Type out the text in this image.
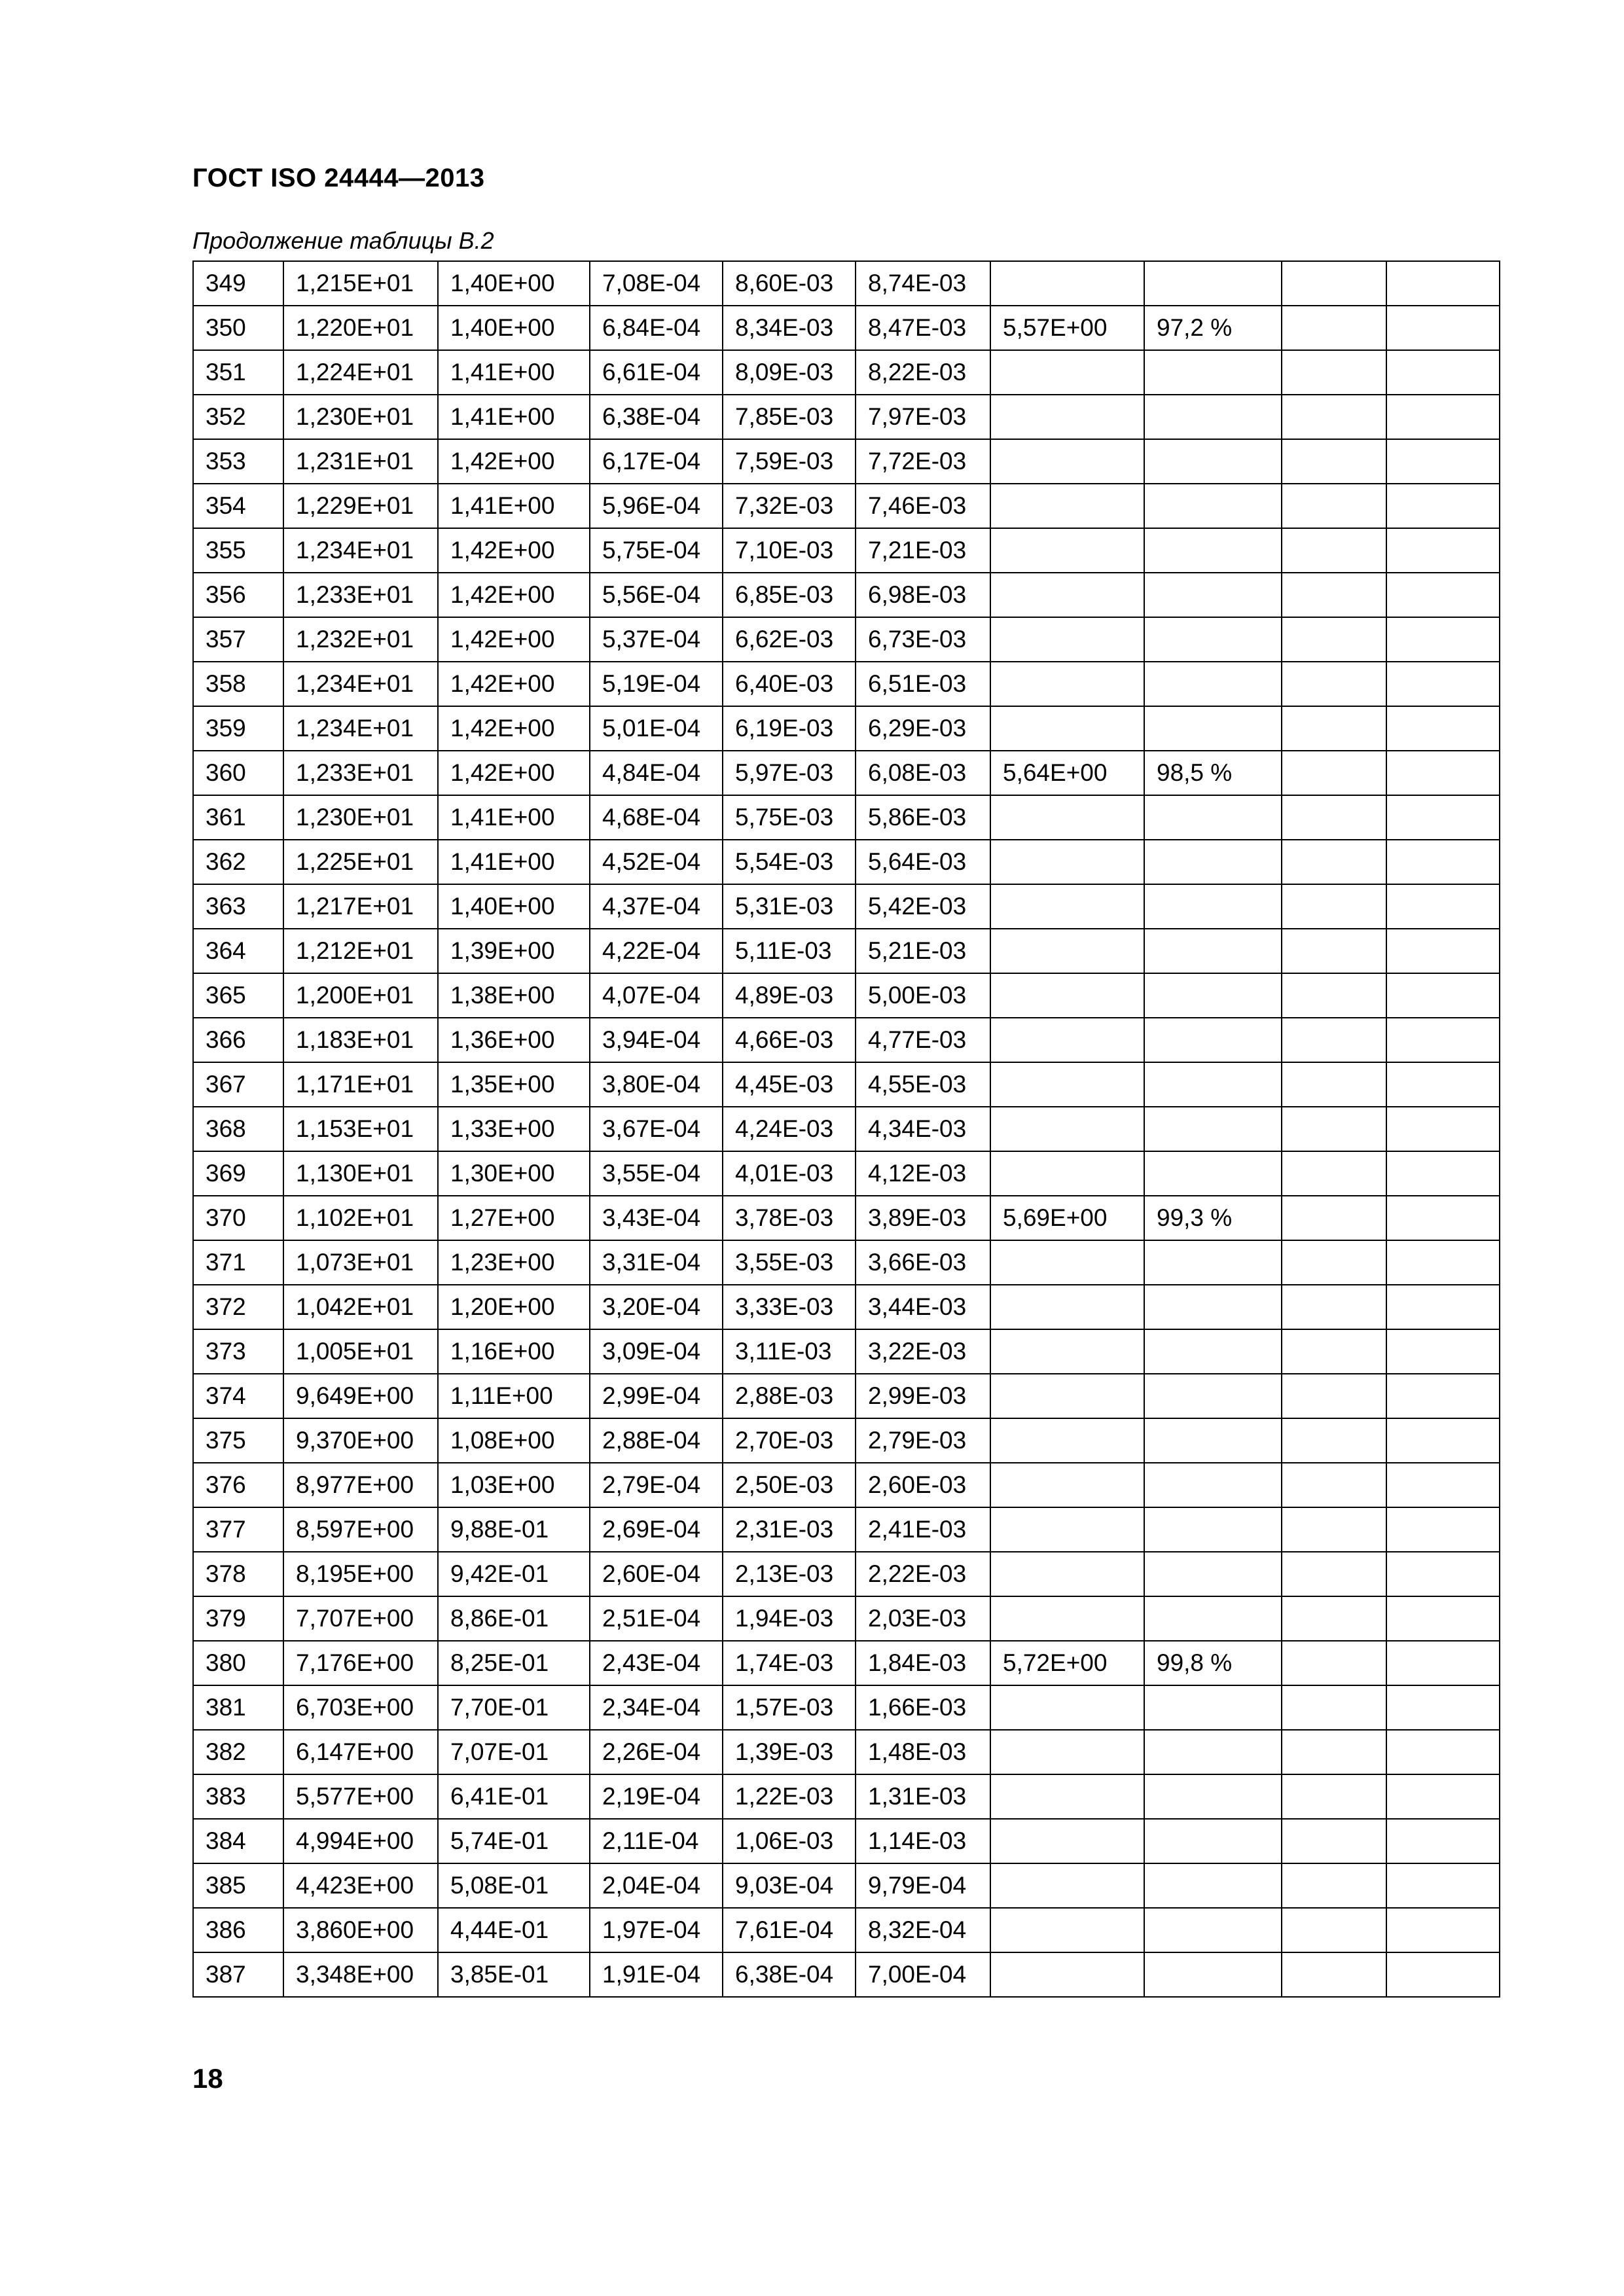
ГОСТ ISO 24444—2013
Продолжение таблицы В.2
349	1,215E+01	1,40E+00	7,08E-04	8,60E-03	8,74E-03				
350	1,220E+01	1,40E+00	6,84E-04	8,34E-03	8,47E-03	5,57E+00	97,2 %		
351	1,224E+01	1,41E+00	6,61E-04	8,09E-03	8,22E-03				
352	1,230E+01	1,41E+00	6,38E-04	7,85E-03	7,97E-03				
353	1,231E+01	1,42E+00	6,17E-04	7,59E-03	7,72E-03				
354	1,229E+01	1,41E+00	5,96E-04	7,32E-03	7,46E-03				
355	1,234E+01	1,42E+00	5,75E-04	7,10E-03	7,21E-03				
356	1,233E+01	1,42E+00	5,56E-04	6,85E-03	6,98E-03				
357	1,232E+01	1,42E+00	5,37E-04	6,62E-03	6,73E-03				
358	1,234E+01	1,42E+00	5,19E-04	6,40E-03	6,51E-03				
359	1,234E+01	1,42E+00	5,01E-04	6,19E-03	6,29E-03				
360	1,233E+01	1,42E+00	4,84E-04	5,97E-03	6,08E-03	5,64E+00	98,5 %		
361	1,230E+01	1,41E+00	4,68E-04	5,75E-03	5,86E-03				
362	1,225E+01	1,41E+00	4,52E-04	5,54E-03	5,64E-03				
363	1,217E+01	1,40E+00	4,37E-04	5,31E-03	5,42E-03				
364	1,212E+01	1,39E+00	4,22E-04	5,11E-03	5,21E-03				
365	1,200E+01	1,38E+00	4,07E-04	4,89E-03	5,00E-03				
366	1,183E+01	1,36E+00	3,94E-04	4,66E-03	4,77E-03				
367	1,171E+01	1,35E+00	3,80E-04	4,45E-03	4,55E-03				
368	1,153E+01	1,33E+00	3,67E-04	4,24E-03	4,34E-03				
369	1,130E+01	1,30E+00	3,55E-04	4,01E-03	4,12E-03				
370	1,102E+01	1,27E+00	3,43E-04	3,78E-03	3,89E-03	5,69E+00	99,3 %		
371	1,073E+01	1,23E+00	3,31E-04	3,55E-03	3,66E-03				
372	1,042E+01	1,20E+00	3,20E-04	3,33E-03	3,44E-03				
373	1,005E+01	1,16E+00	3,09E-04	3,11E-03	3,22E-03				
374	9,649E+00	1,11E+00	2,99E-04	2,88E-03	2,99E-03				
375	9,370E+00	1,08E+00	2,88E-04	2,70E-03	2,79E-03				
376	8,977E+00	1,03E+00	2,79E-04	2,50E-03	2,60E-03				
377	8,597E+00	9,88E-01	2,69E-04	2,31E-03	2,41E-03				
378	8,195E+00	9,42E-01	2,60E-04	2,13E-03	2,22E-03				
379	7,707E+00	8,86E-01	2,51E-04	1,94E-03	2,03E-03				
380	7,176E+00	8,25E-01	2,43E-04	1,74E-03	1,84E-03	5,72E+00	99,8 %		
381	6,703E+00	7,70E-01	2,34E-04	1,57E-03	1,66E-03				
382	6,147E+00	7,07E-01	2,26E-04	1,39E-03	1,48E-03				
383	5,577E+00	6,41E-01	2,19E-04	1,22E-03	1,31E-03				
384	4,994E+00	5,74E-01	2,11E-04	1,06E-03	1,14E-03				
385	4,423E+00	5,08E-01	2,04E-04	9,03E-04	9,79E-04				
386	3,860E+00	4,44E-01	1,97E-04	7,61E-04	8,32E-04				
387	3,348E+00	3,85E-01	1,91E-04	6,38E-04	7,00E-04				
18
